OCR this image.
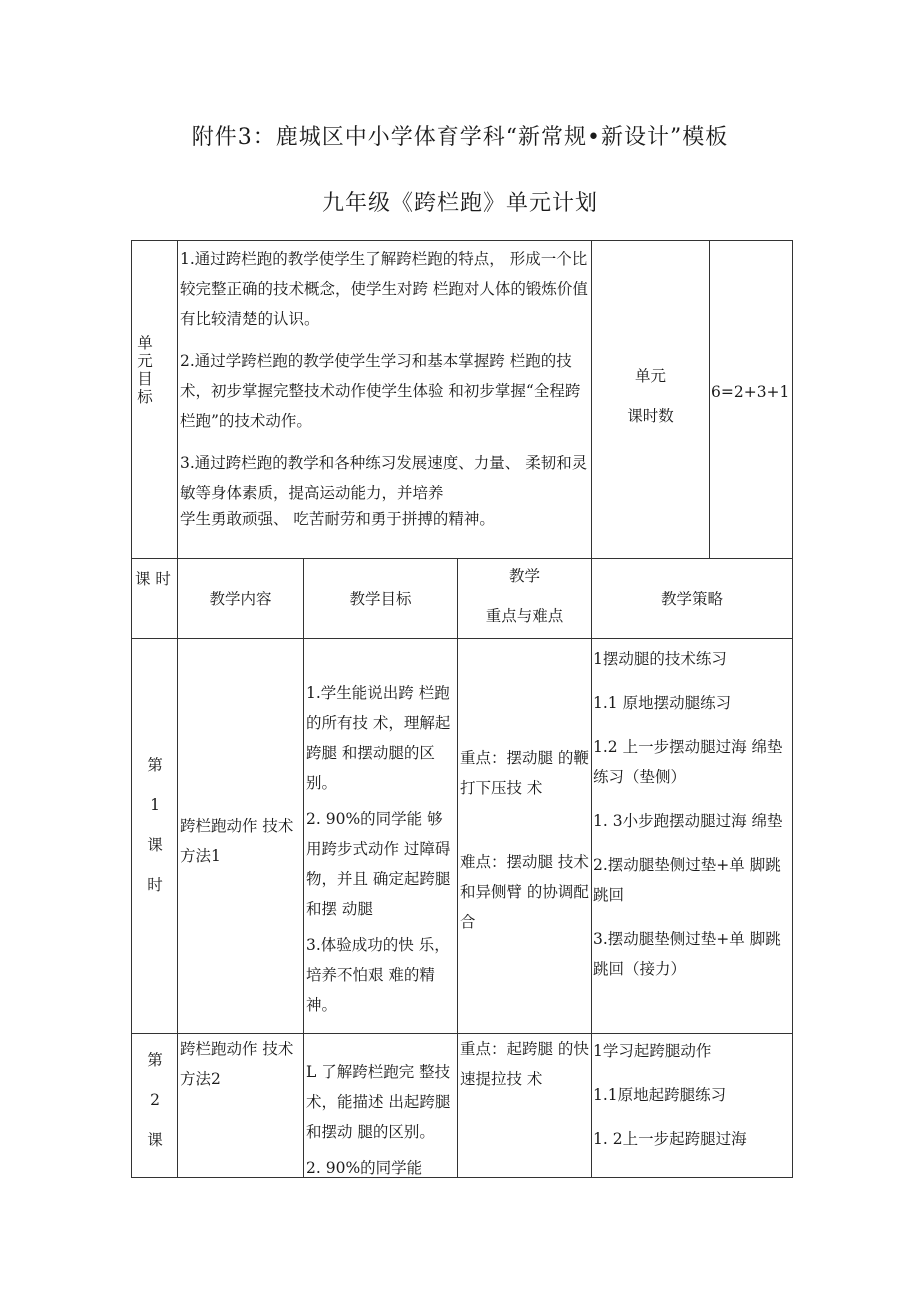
附件3：鹿城区中小学体育学科“新常规•新设计”模板
九年级《跨栏跑》单元计划
单元目标

1.通过跨栏跑的教学使学生了解跨栏跑的特点， 形成一个比较完整正确的技术概念，使学生对跨 栏跑对人体的锻炼价值有比较清楚的认识。

2.通过学跨栏跑的教学使学生学习和基本掌握跨 栏跑的技术，初步掌握完整技术动作使学生体验 和初步掌握“全程跨栏跑”的技术动作。

3.通过跨栏跑的教学和各种练习发展速度、力量、 柔韧和灵敏等身体素质，提高运动能力，并培养

学生勇敢顽强、 吃苦耐劳和勇于拼搏的精神。

单元
课时数
6=2+3+1
课 时
教学内容	教学目标
教学
重点与难点
教学策略
第
1
课
时
跨栏跑动作 技术方法1

1.学生能说出跨 栏跑的所有技 术，理解起跨腿 和摆动腿的区 别。

2. 90%的同学能 够用跨步式动作 过障碍物，并且 确定起跨腿和摆 动腿

3.体验成功的快 乐，培养不怕艰 难的精神。

重点：摆动腿 的鞭打下压技 术
难点：摆动腿 技术和异侧臂 的协调配合

1摆动腿的技术练习

1.1 原地摆动腿练习

1.2 上一步摆动腿过海 绵垫练习（垫侧）

1. 3小步跑摆动腿过海 绵垫

2.摆动腿垫侧过垫+单 脚跳跳回

3.摆动腿垫侧过垫+单 脚跳跳回（接力）

第
2
课
跨栏跑动作 技术方法2	L 了解跨栏跑完 整技术，能描述 出起跨腿和摆动 腿的区别。

2. 90%的同学能

重点：起跨腿 的快速提拉技 术

1学习起跨腿动作

1.1原地起跨腿练习

1. 2上一步起跨腿过海
